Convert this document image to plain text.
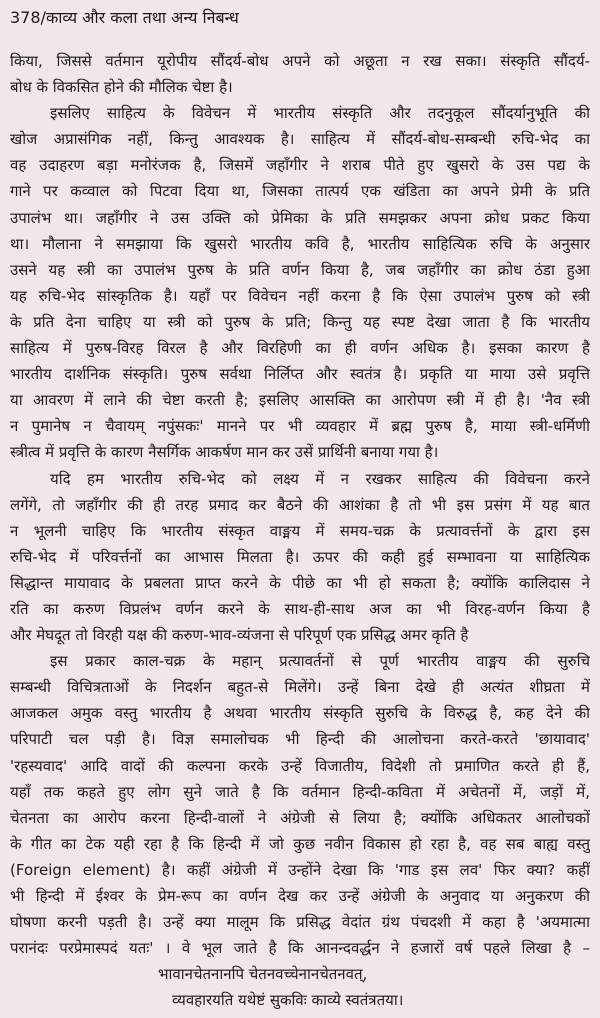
378/काव्य और कला तथा अन्य निबन्ध
किया, जिससे वर्तमान यूरोपीय सौंदर्य-बोध अपने को अछूता न रख सका। संस्कृति सौंदर्य-
बोध के विकसित होने की मौलिक चेष्टा है।
इसलिए साहित्य के विवेचन में भारतीय संस्कृति और तदनुकूल सौंदर्यानुभूति की
खोज अप्रासंगिक नहीं, किन्तु आवश्यक है। साहित्य में सौंदर्य-बोध-सम्बन्धी रुचि-भेद का
वह उदाहरण बड़ा मनोरंजक है, जिसमें जहाँगीर ने शराब पीते हुए खुसरो के उस पद्य के
गाने पर कव्वाल को पिटवा दिया था, जिसका तात्पर्य एक खंडिता का अपने प्रेमी के प्रति
उपालंभ था। जहाँगीर ने उस उक्ति को प्रेमिका के प्रति समझकर अपना क्रोध प्रकट किया
था। मौलाना ने समझाया कि खुसरो भारतीय कवि है, भारतीय साहित्यिक रुचि के अनुसार
उसने यह स्त्री का उपालंभ पुरुष के प्रति वर्णन किया है, जब जहाँगीर का क्रोध ठंडा हुआ
यह रुचि-भेद सांस्कृतिक है। यहाँ पर विवेचन नहीं करना है कि ऐसा उपालंभ पुरुष को स्त्री
के प्रति देना चाहिए या स्त्री को पुरुष के प्रति; किन्तु यह स्पष्ट देखा जाता है कि भारतीय
साहित्य में पुरुष-विरह विरल है और विरहिणी का ही वर्णन अधिक है। इसका कारण है
भारतीय दार्शनिक संस्कृति। पुरुष सर्वथा निर्लिप्त और स्वतंत्र है। प्रकृति या माया उसे प्रवृत्ति
या आवरण में लाने की चेष्टा करती है; इसलिए आसक्ति का आरोपण स्त्री में ही है। 'नैव स्त्री
न पुमानेष न चैवायम् नपुंसकः' मानने पर भी व्यवहार में ब्रह्म पुरुष है, माया स्त्री-धर्मिणी
स्त्रीत्व में प्रवृत्ति के कारण नैसर्गिक आकर्षण मान कर उसें प्रार्थिनी बनाया गया है।
यदि हम भारतीय रुचि-भेद को लक्ष्य में न रखकर साहित्य की विवेचना करने
लगेंगे, तो जहाँगीर की ही तरह प्रमाद कर बैठने की आशंका है तो भी इस प्रसंग में यह बात
न भूलनी चाहिए कि भारतीय संस्कृत वाङ्मय में समय-चक्र के प्रत्यावर्त्तनों के द्वारा इस
रुचि-भेद में परिवर्त्तनों का आभास मिलता है। ऊपर की कही हुई सम्भावना या साहित्यिक
सिद्धान्त मायावाद के प्रबलता प्राप्त करने के पीछे का भी हो सकता है; क्योंकि कालिदास ने
रति का करुण विप्रलंभ वर्णन करने के साथ-ही-साथ अज का भी विरह-वर्णन किया है
और मेघदूत तो विरही यक्ष की करुण-भाव-व्यंजना से परिपूर्ण एक प्रसिद्ध अमर कृति है
इस प्रकार काल-चक्र के महान् प्रत्यावर्तनों से पूर्ण भारतीय वाङ्मय की सुरुचि
सम्बन्धी विचित्रताओं के निदर्शन बहुत-से मिलेंगे। उन्हें बिना देखे ही अत्यंत शीघ्रता में
आजकल अमुक वस्तु भारतीय है अथवा भारतीय संस्कृति सुरुचि के विरुद्ध है, कह देने की
परिपाटी चल पड़ी है। विज्ञ समालोचक भी हिन्दी की आलोचना करते-करते 'छायावाद'
'रहस्यवाद' आदि वादों की कल्पना करके उन्हें विजातीय, विदेशी तो प्रमाणित करते ही हैं,
यहाँ तक कहते हुए लोग सुने जाते है कि वर्तमान हिन्दी-कविता में अचेतनों में, जड़ों में,
चेतनता का आरोप करना हिन्दी-वालों ने अंग्रेजी से लिया है; क्योंकि अधिकतर आलोचकों
के गीत का टेक यही रहा है कि हिन्दी में जो कुछ नवीन विकास हो रहा है, वह सब बाह्य वस्तु
(Foreign element) है। कहीं अंग्रेजी में उन्होंने देखा कि 'गाड इस लव' फिर क्या? कहीं
भी हिन्दी में ईश्वर के प्रेम-रूप का वर्णन देख कर उन्हें अंग्रेजी के अनुवाद या अनुकरण की
घोषणा करनी पड़ती है। उन्हें क्या मालूम कि प्रसिद्ध वेदांत ग्रंथ पंचदशी में कहा है 'अयमात्मा
परानंदः परप्रेमास्पदं यतः' । वे भूल जाते है कि आनन्दवर्द्धन ने हजारों वर्ष पहले लिखा है –
भावानचेतनानपि चेतनवच्चेनानचेतनवत्,
व्यवहारयति यथेष्टं सुकविः काव्ये स्वतंत्रतया।
